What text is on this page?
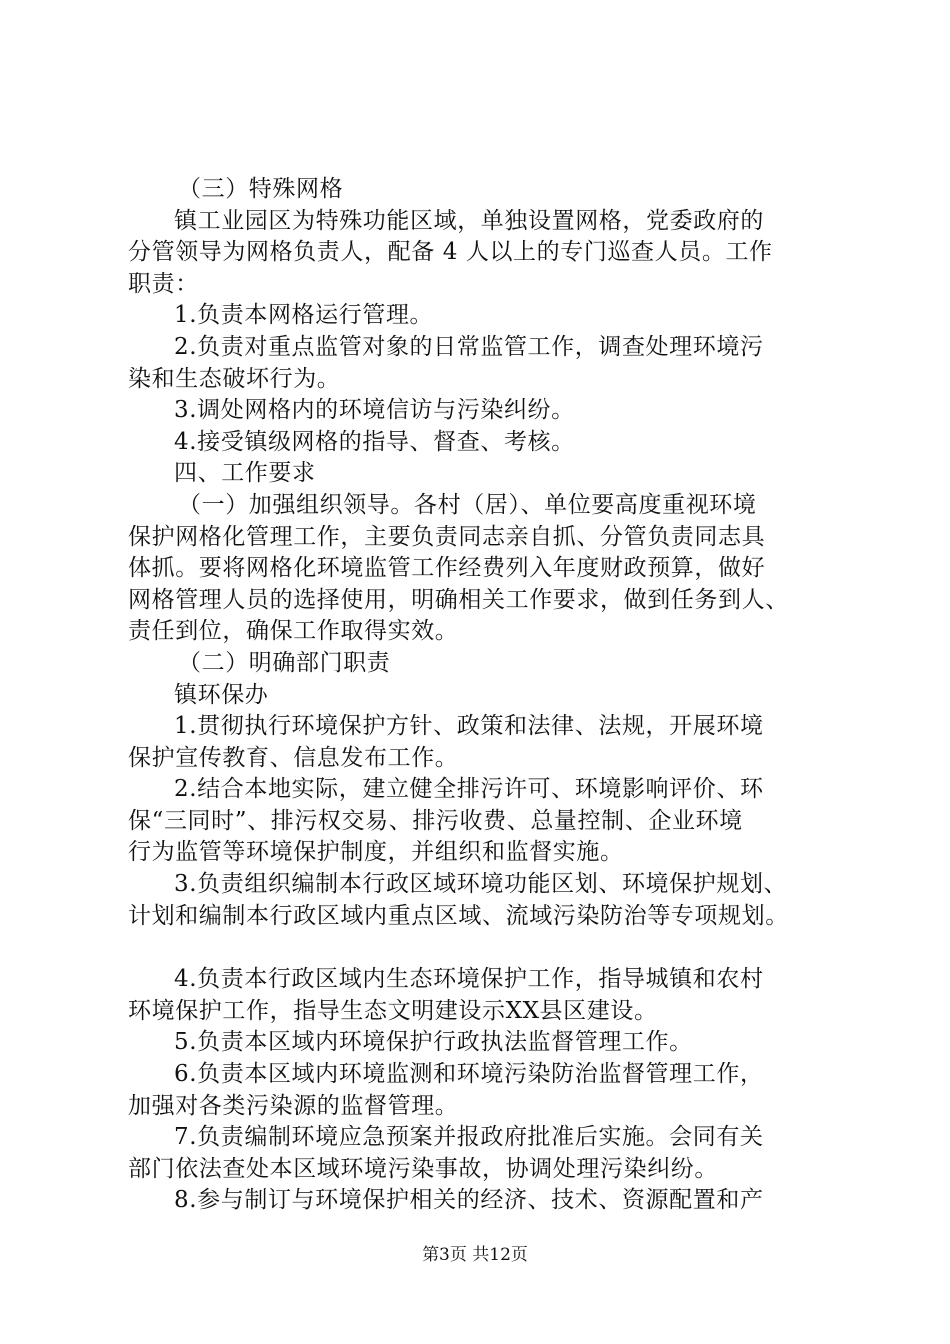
（三）特殊网格
镇工业园区为特殊功能区域，单独设置网格，党委政府的
分管领导为网格负责人，配备 4 人以上的专门巡查人员。工作
职责：
1.负责本网格运行管理。
2.负责对重点监管对象的日常监管工作，调查处理环境污
染和生态破坏行为。
3.调处网格内的环境信访与污染纠纷。
4.接受镇级网格的指导、督查、考核。
四、工作要求
（一）加强组织领导。各村（居）、单位要高度重视环境
保护网格化管理工作，主要负责同志亲自抓、分管负责同志具
体抓。要将网格化环境监管工作经费列入年度财政预算，做好
网格管理人员的选择使用，明确相关工作要求，做到任务到人、
责任到位，确保工作取得实效。
（二）明确部门职责
镇环保办
1.贯彻执行环境保护方针、政策和法律、法规，开展环境
保护宣传教育、信息发布工作。
2.结合本地实际，建立健全排污许可、环境影响评价、环
保“三同时”、排污权交易、排污收费、总量控制、企业环境
行为监管等环境保护制度，并组织和监督实施。
3.负责组织编制本行政区域环境功能区划、环境保护规划、
计划和编制本行政区域内重点区域、流域污染防治等专项规划。
4.负责本行政区域内生态环境保护工作，指导城镇和农村
环境保护工作，指导生态文明建设示XX县区建设。
5.负责本区域内环境保护行政执法监督管理工作。
6.负责本区域内环境监测和环境污染防治监督管理工作，
加强对各类污染源的监督管理。
7.负责编制环境应急预案并报政府批准后实施。会同有关
部门依法查处本区域环境污染事故，协调处理污染纠纷。
8.参与制订与环境保护相关的经济、技术、资源配置和产
第3页 共12页
